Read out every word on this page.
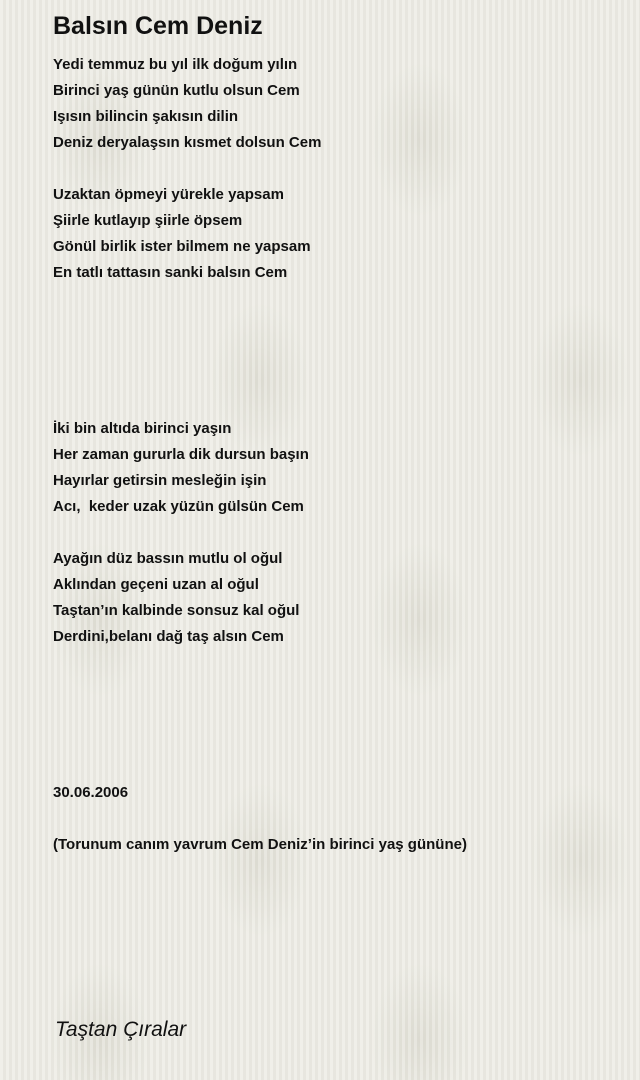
Balsın Cem Deniz
Yedi temmuz bu yıl ilk doğum yılın
Birinci yaş günün kutlu olsun Cem
Işısın bilincin şakısın dilin
Deniz deryalaşsın kısmet dolsun Cem
Uzaktan öpmeyi yürekle yapsam
Şiirle kutlayıp şiirle öpsem
Gönül birlik ister bilmem ne yapsam
En tatlı tattasın sanki balsın Cem
İki bin altıda birinci yaşın
Her zaman gururla dik dursun başın
Hayırlar getirsin mesleğin işin
Acı,  keder uzak yüzün gülsün Cem
Ayağın düz bassın mutlu ol oğul
Aklından geçeni uzan al oğul
Taştan’ın kalbinde sonsuz kal oğul
Derdini,belanı dağ taş alsın Cem
30.06.2006
(Torunum canım yavrum Cem Deniz’in birinci yaş gününe)
Taştan Çıralar
